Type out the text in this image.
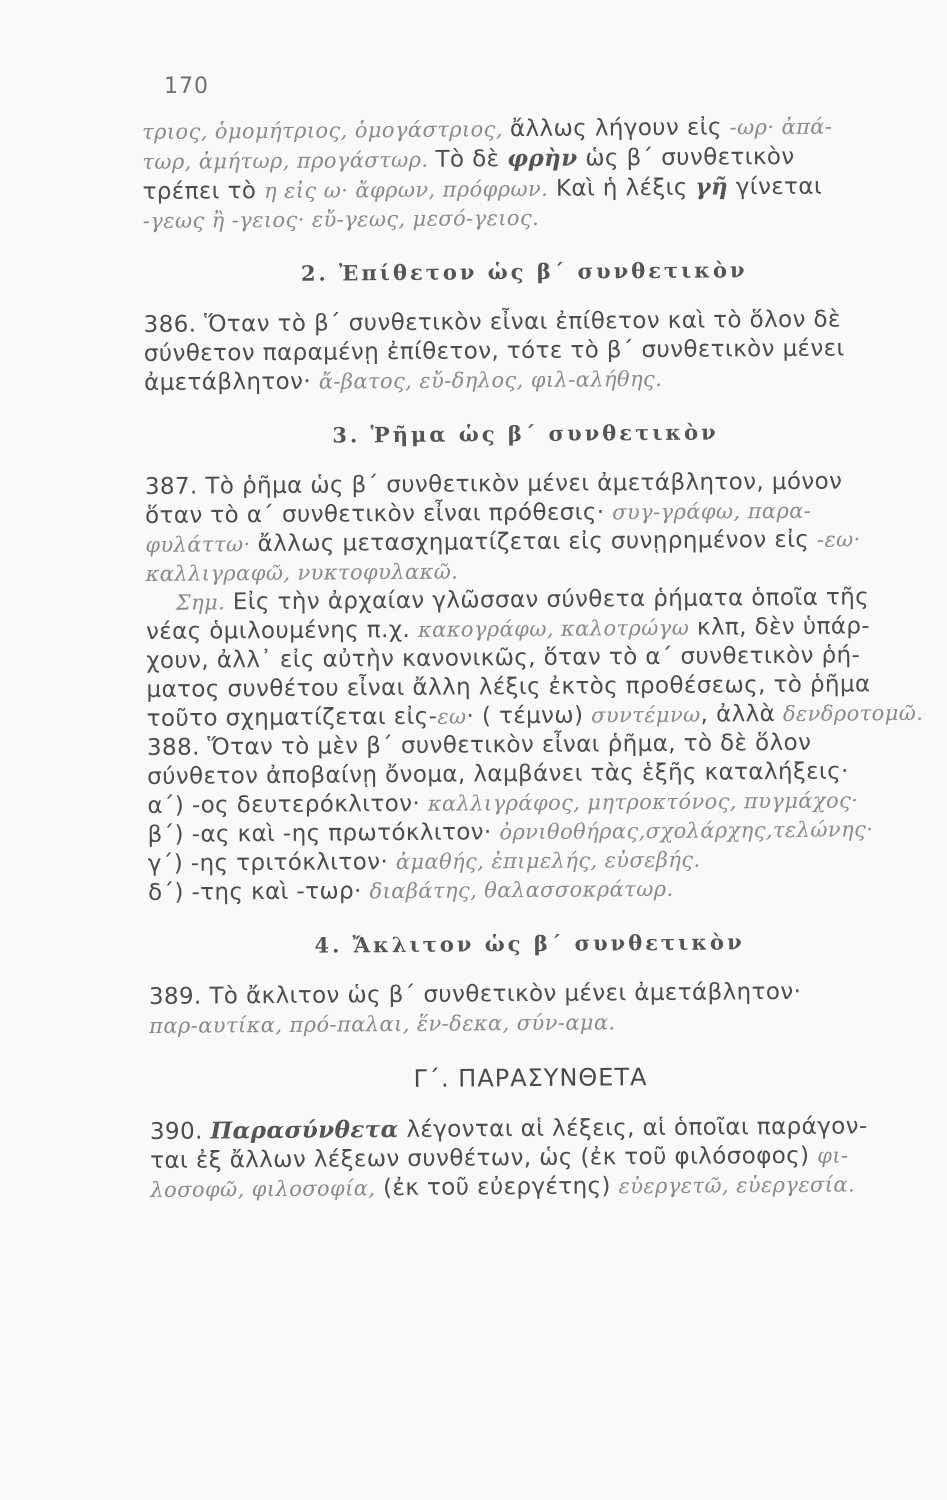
170
τριος, ὁμομήτριος, ὁμογάστριος, ἄλλως λήγουν εἰς -ωρ· ἀπά-
τωρ, ἀμήτωρ, προγάστωρ. Τὸ δὲ φρὴν ὡς β΄ συνθετικὸν
τρέπει τὸ η εἰς ω· ἄφρων, πρόφρων. Καὶ ἡ λέξις γῆ γίνεται
-γεως ἢ -γειος· εὔ-γεως, μεσό-γειος.
2. Ἐπίθετον ὡς β΄ συνθετικὸν
386. Ὅταν τὸ β΄ συνθετικὸν εἶναι ἐπίθετον καὶ τὸ ὅλον δὲ
σύνθετον παραμένῃ ἐπίθετον, τότε τὸ β΄ συνθετικὸν μένει
ἀμετάβλητον· ἄ-βατος, εὔ-δηλος, φιλ-αλήθης.
3. Ῥῆμα ὡς β΄ συνθετικὸν
387. Τὸ ῥῆμα ὡς β΄ συνθετικὸν μένει ἀμετάβλητον, μόνον
ὅταν τὸ α΄ συνθετικὸν εἶναι πρόθεσις· συγ-γράφω, παρα-
φυλάττω· ἄλλως μετασχηματίζεται εἰς συνῃρημένον εἰς -εω·
καλλιγραφῶ, νυκτοφυλακῶ.
Σημ. Εἰς τὴν ἀρχαίαν γλῶσσαν σύνθετα ῥήματα ὁποῖα τῆς
νέας ὁμιλουμένης π.χ. κακογράφω, καλοτρώγω κλπ, δὲν ὑπάρ-
χουν, ἀλλ᾽ εἰς αὐτὴν κανονικῶς, ὅταν τὸ α΄ συνθετικὸν ῥή-
ματος συνθέτου εἶναι ἄλλη λέξις ἐκτὸς προθέσεως, τὸ ῥῆμα
τοῦτο σχηματίζεται εἰς-εω· ( τέμνω) συντέμνω, ἀλλὰ δενδροτομῶ.
388. Ὅταν τὸ μὲν β΄ συνθετικὸν εἶναι ῥῆμα, τὸ δὲ ὅλον
σύνθετον ἀποβαίνῃ ὄνομα, λαμβάνει τὰς ἑξῆς καταλήξεις·
α΄) -ος δευτερόκλιτον· καλλιγράφος, μητροκτόνος, πυγμάχος·
β΄) -ας καὶ -ης πρωτόκλιτον· ὀρνιθοθήρας,σχολάρχης,τελώνης·
γ΄) -ης τριτόκλιτον· ἀμαθής, ἐπιμελής, εὐσεβής.
δ΄) -της καὶ -τωρ· διαβάτης, θαλασσοκράτωρ.
4. Ἄκλιτον ὡς β΄ συνθετικὸν
389. Τὸ ἄκλιτον ὡς β΄ συνθετικὸν μένει ἀμετάβλητον·
παρ-αυτίκα, πρό-παλαι, ἕν-δεκα, σύν-αμα.
Γ΄. ΠΑΡΑΣΥΝΘΕΤΑ
390. Παρασύνθετα λέγονται αἱ λέξεις, αἱ ὁποῖαι παράγον-
ται ἐξ ἄλλων λέξεων συνθέτων, ὡς (ἐκ τοῦ φιλόσοφος) φι-
λοσοφῶ, φιλοσοφία, (ἐκ τοῦ εὐεργέτης) εὐεργετῶ, εὐεργεσία.
